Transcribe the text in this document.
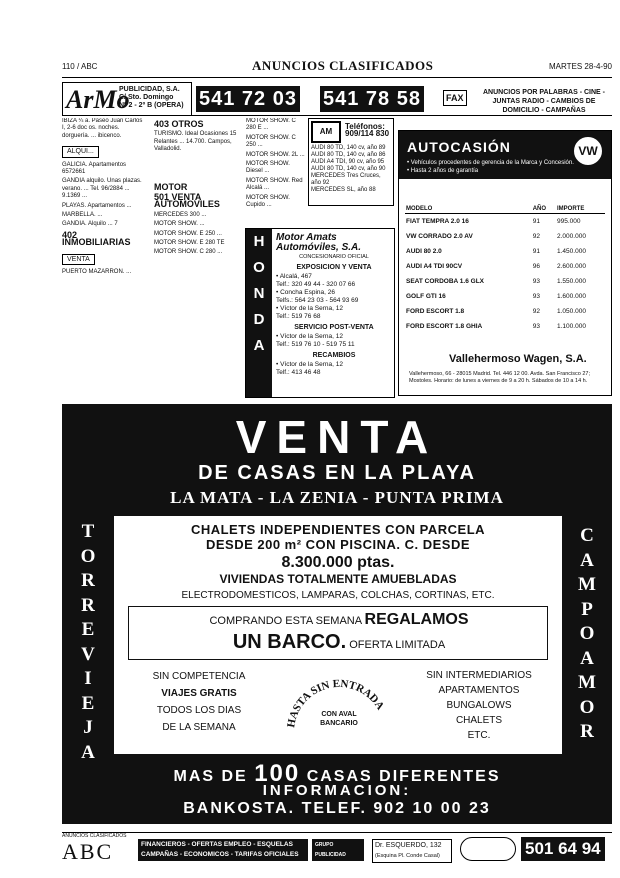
110 / ABC	ANUNCIOS CLASIFICADOS	MARTES 28-4-90
ArMo
PUBLICIDAD, S.A.
C/ Sto. Domingo
Nº 2 - 2º B (OPERA) 541 72 03 541 78 58	FAX
ANUNCIOS POR PALABRAS - CINE - JUNTAS RADIO - CAMBIOS DE DOMICILIO - CAMPAÑAS

IBIZA ¼ a. Paseo Juan Carlos I, 2-6 doc os. noches. dorguería. ... ibicenco.

ALQUI...

GALICIA. Apartamentos 6572661

GANDIA alquilo. Unas plazas. verano. ... Tel. 96/2884 ... 9.1369 ...

PLAYAS. Apartamentos ...

MARBELLA. ...

GANDIA. Alquilo ... 7

402 INMOBILIARIAS
VENTA

PUERTO MAZARRON. ...

403 OTROS

TURISMO. Ideal Ocasiones 15 Relantes ... 14.700. Campos, Valladolid.

MOTOR
501 VENTA AUTOMOVILES

MERCEDES 300 ...

MOTOR SHOW. ...

MOTOR SHOW. E 250 ...

MOTOR SHOW. E 280 TE

MOTOR SHOW. C 280 ...

MOTOR SHOW. C 280 E ...

MOTOR SHOW. C 250 ...

MOTOR SHOW. 2L ...

MOTOR SHOW. Diesel ...

MOTOR SHOW. Red Alcalá ...

MOTOR SHOW. Cupido ...

AM
Teléfonos:
909/114 830
AUDI 80 TD, 140 cv, año 89
AUDI 80 TD, 140 cv, año 86
AUDI A4 TDI, 90 cv, año 95
AUDI 80 TD, 140 cv, año 90
MERCEDES Tres Cruces, año 92
MERCEDES SL, año 88
H
O
N
D
A
Motor Amats Automóviles, S.A.
CONCESIONARIO OFICIAL
EXPOSICION Y VENTA
• Alcalá, 467
Telf.: 320 49 44 - 320 07 66
• Concha Espina, 26
Telfs.: 564 23 03 - 564 93 69
• Víctor de la Serna, 12
Telf.: 519 76 68
SERVICIO POST-VENTA
• Víctor de la Serna, 12
Telf.: 519 76 10 - 519 75 11
RECAMBIOS
• Víctor de la Serna, 12
Telf.: 413 46 48
AUTOCASIÓN	VW
• Vehículos procedentes de gerencia de la Marca y Concesión.
• Hasta 2 años de garantía
MODELO	AÑO	IMPORTE
FIAT TEMPRA 2.0 16	91	995.000
VW CORRADO 2.0 AV	92	2.000.000
AUDI 80 2.0	91	1.450.000
AUDI A4 TDI 90CV	96	2.600.000
SEAT CORDOBA 1.6 GLX	93	1.550.000
GOLF GTI 16	93	1.600.000
FORD ESCORT 1.8	92	1.050.000
FORD ESCORT 1.8 GHIA	93	1.100.000
Vallehermoso Wagen, S.A.
Vallehermoso, 66 - 28015 Madrid. Tel. 446 12 00. Avda. San Francisco 27; Mostoles. Horario: de lunes a viernes de 9 a 20 h. Sábados de 10 a 14 h.
VENTA
DE CASAS EN LA PLAYA
LA MATA - LA ZENIA - PUNTA PRIMA
T
O
R
R
E
V
I
E
J
A
C
A
M
P
O
A
M
O
R
CHALETS INDEPENDIENTES CON PARCELA
DESDE 200 m² CON PISCINA. C. DESDE
8.300.000 ptas.
VIVIENDAS TOTALMENTE AMUEBLADAS
ELECTRODOMESTICOS, LAMPARAS, COLCHAS, CORTINAS, ETC.
COMPRANDO ESTA SEMANA REGALAMOS
UN BARCO. OFERTA LIMITADA
SIN COMPETENCIA
VIAJES GRATIS
TODOS LOS DIAS
DE LA SEMANA	HASTA SIN ENTRADA
CON AVAL
BANCARIO
SIN INTERMEDIARIOS
APARTAMENTOS
BUNGALOWS
CHALETS
ETC.
MAS DE 100 CASAS DIFERENTES
INFORMACION:
BANKOSTA. TELEF. 902 10 00 23
ANUNCIOS CLASIFICADOS
ABC	FINANCIEROS - OFERTAS EMPLEO - ESQUELAS
CAMPAÑAS - ECONOMICOS - TARIFAS OFICIALES
GRUPO PUBLICIDAD
Dr. ESQUERDO, 132
(Esquina Pl. Conde Casal)	501 64 94
